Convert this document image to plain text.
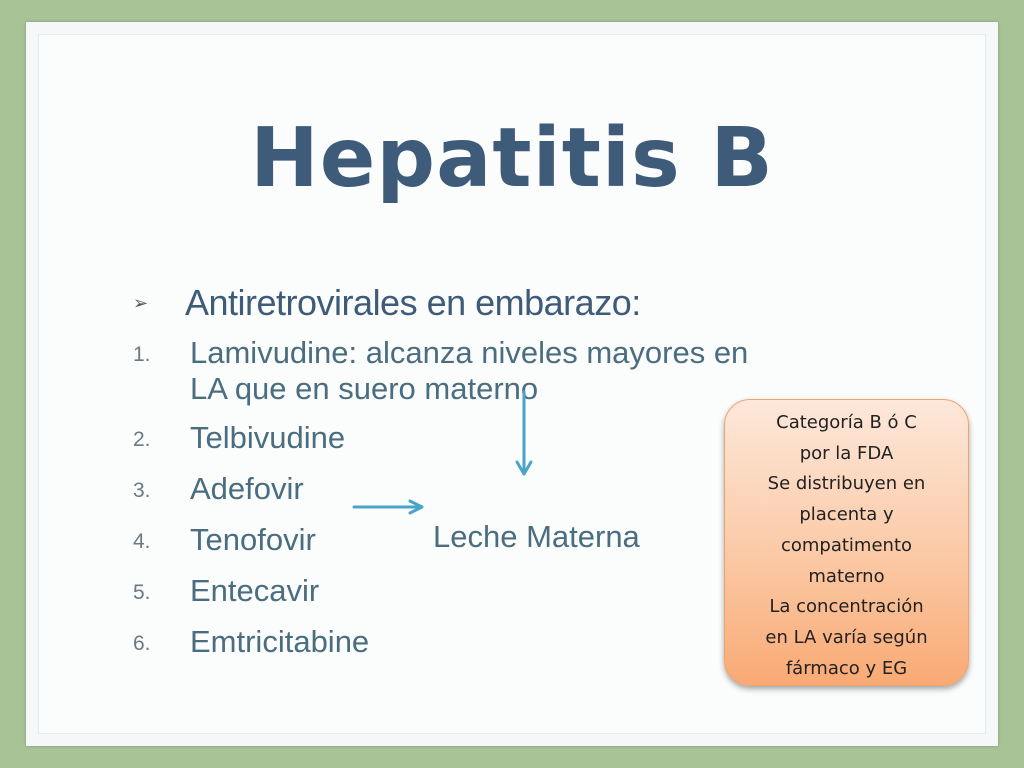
Hepatitis B
➢ Antiretrovirales en embarazo:
1.	Lamivudine: alcanza niveles mayores en
LA que en suero materno
2.	Telbivudine
3.	Adefovir
4.	Tenofovir
5.	Entecavir
6.	Emtricitabine
Leche Materna
Categoría B ó C
por la FDA
Se distribuyen en
placenta y
compatimento
materno
La concentración
en LA varía según
fármaco y EG
